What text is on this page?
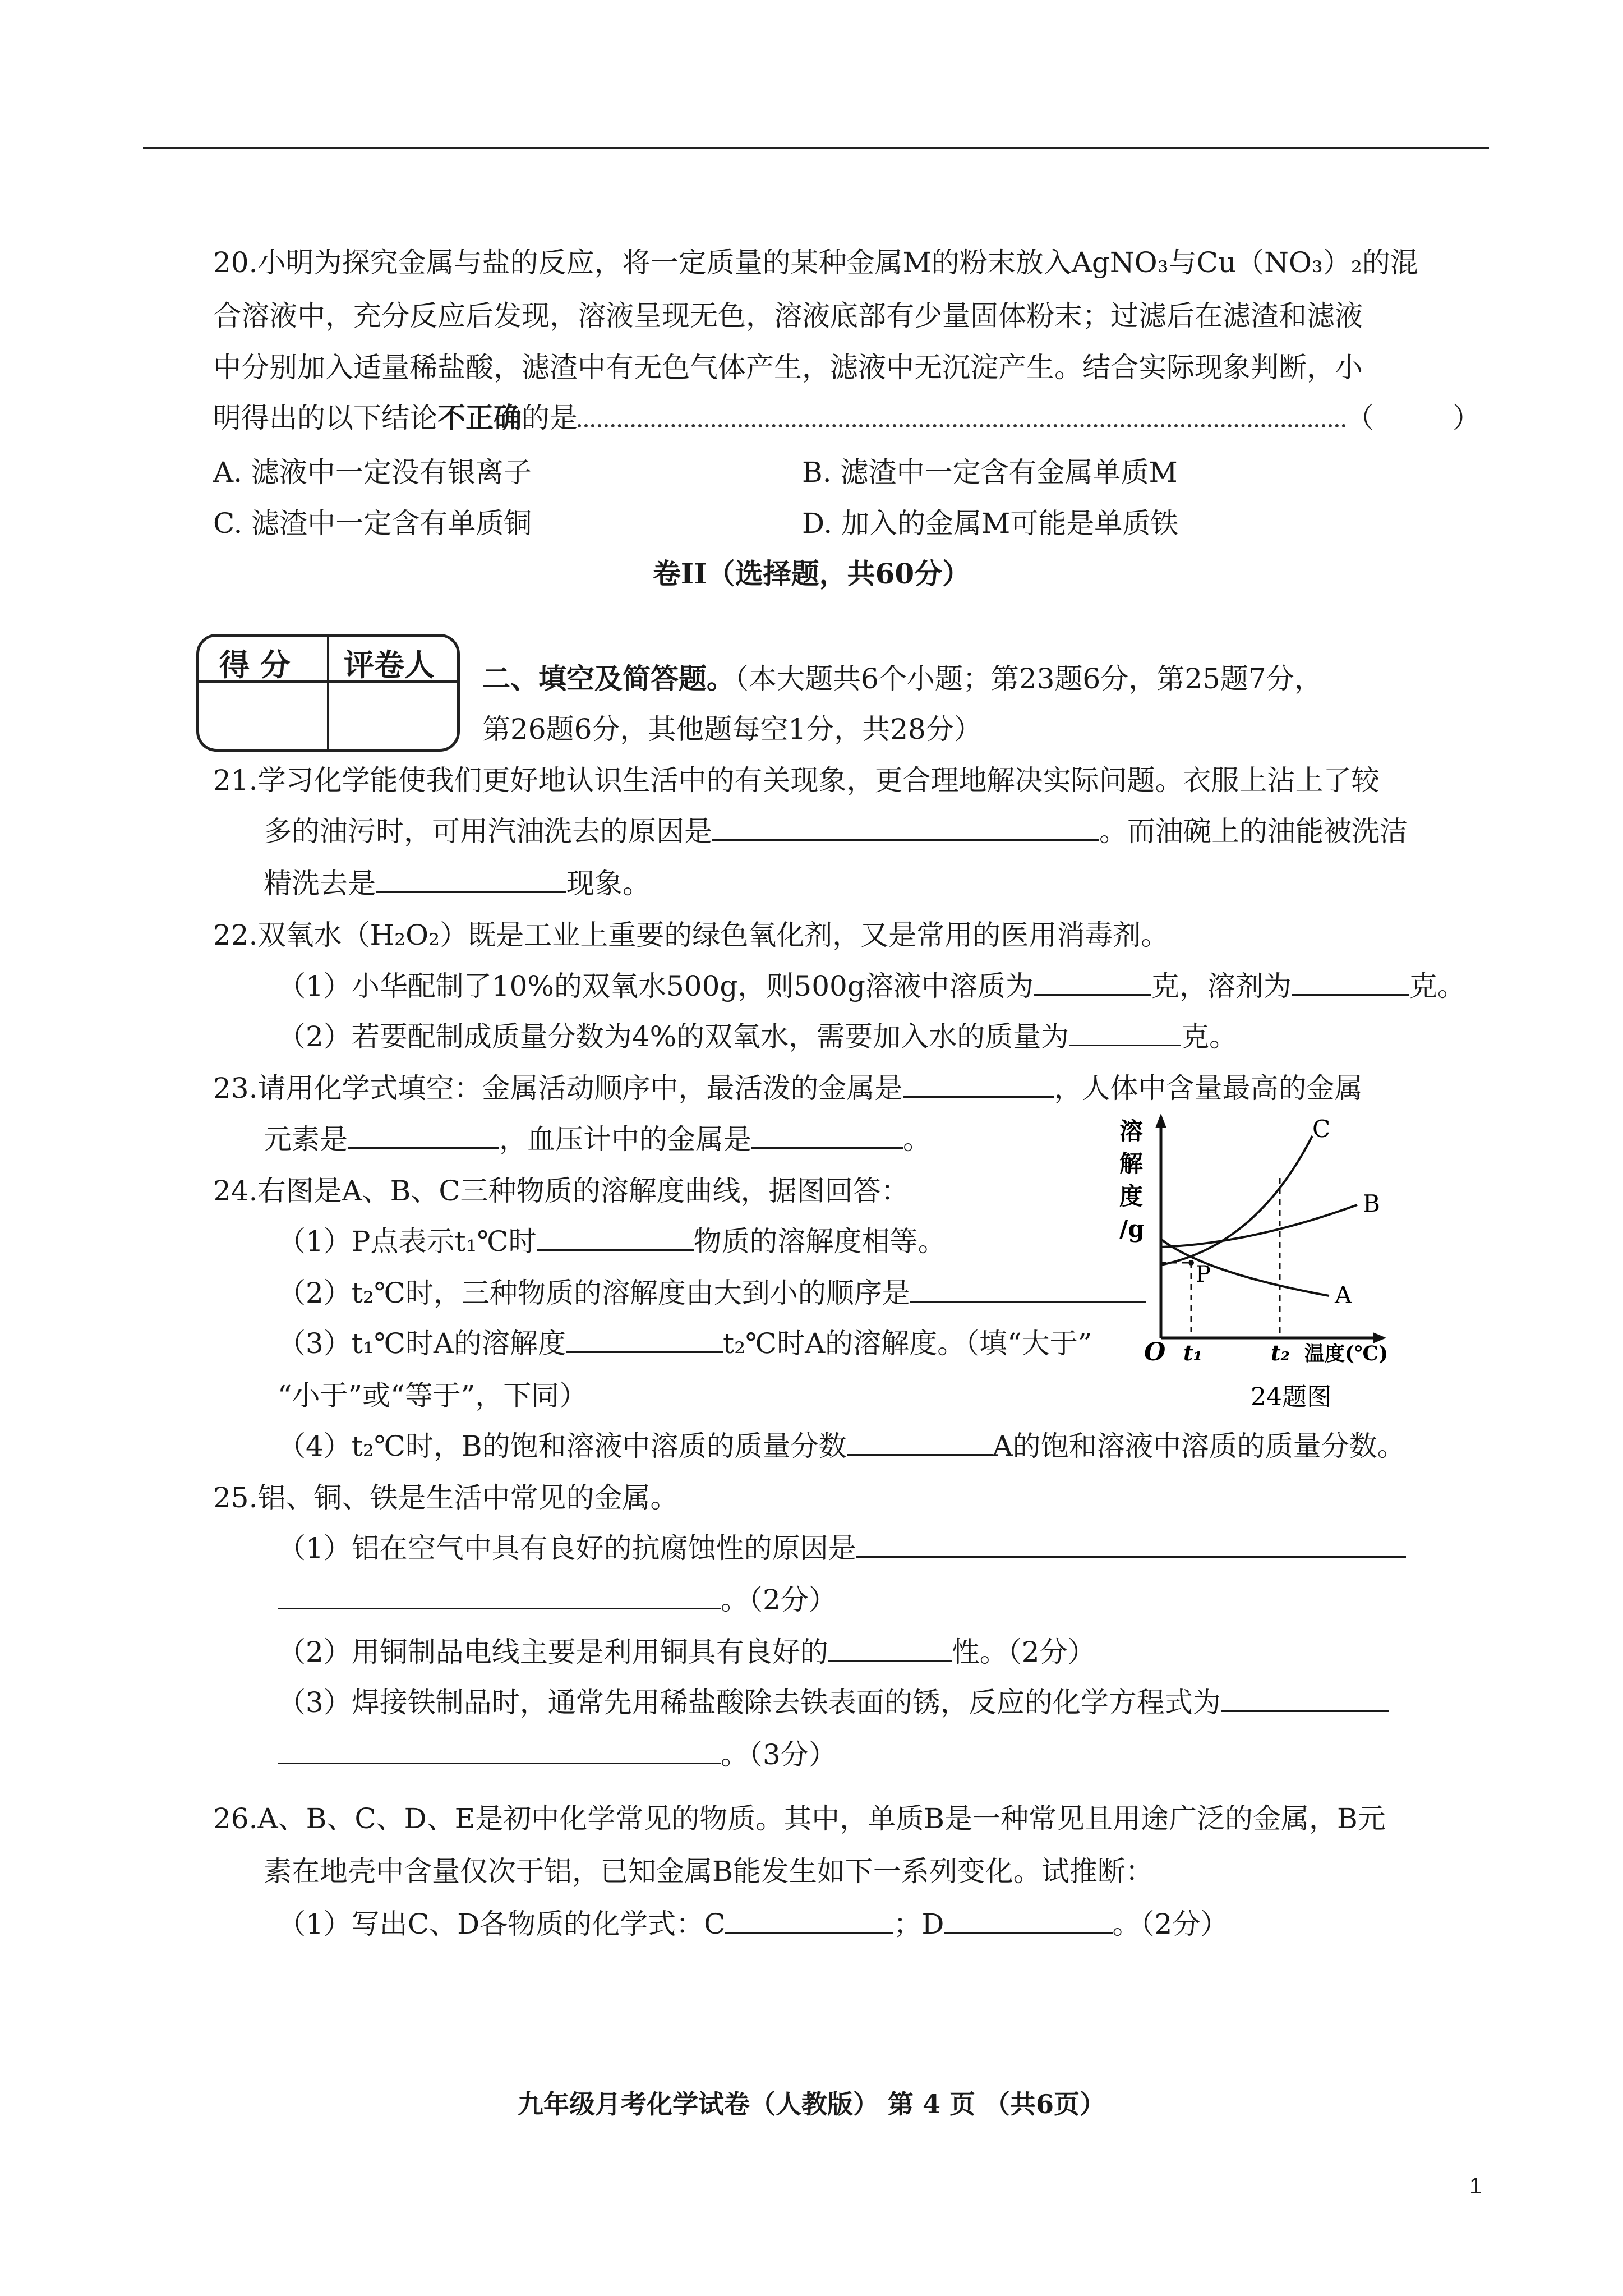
20.小明为探究金属与盐的反应，将一定质量的某种金属M的粉末放入AgNO₃与Cu（NO₃）₂的混
合溶液中，充分反应后发现，溶液呈现无色，溶液底部有少量固体粉末；过滤后在滤渣和滤液
中分别加入适量稀盐酸，滤渣中有无色气体产生，滤液中无沉淀产生。结合实际现象判断，小
明得出的以下结论不正确的是	（	）
A. 滤液中一定没有银离子	B. 滤渣中一定含有金属单质M
C. 滤渣中一定含有单质铜	D. 加入的金属M可能是单质铁
卷II（选择题，共60分）
得 分 评卷人 二、填空及简答题。（本大题共6个小题；第23题6分，第25题7分，
第26题6分，其他题每空1分，共28分）
21.学习化学能使我们更好地认识生活中的有关现象，更合理地解决实际问题。衣服上沾上了较
多的油污时，可用汽油洗去的原因是	。而油碗上的油能被洗洁
精洗去是	现象。
22.双氧水（H₂O₂）既是工业上重要的绿色氧化剂，又是常用的医用消毒剂。
（1）小华配制了10%的双氧水500g，则500g溶液中溶质为	克，溶剂为	克。
（2）若要配制成质量分数为4%的双氧水，需要加入水的质量为	克。
23.请用化学式填空：金属活动顺序中，最活泼的金属是	，人体中含量最高的金属
元素是	，血压计中的金属是	。
24.右图是A、B、C三种物质的溶解度曲线，据图回答：
（1）P点表示t₁℃时	物质的溶解度相等。
（2）t₂℃时，三种物质的溶解度由大到小的顺序是
（3）t₁℃时A的溶解度	t₂℃时A的溶解度。（填“大于”
“小于”或“等于”，下同）
（4）t₂℃时，B的饱和溶液中溶质的质量分数	A的饱和溶液中溶质的质量分数。
溶
解
度
/g
C
B
A
P
O t₁	t₂ 温度(℃)
24题图
25.铝、铜、铁是生活中常见的金属。
（1）铝在空气中具有良好的抗腐蚀性的原因是
。（2分）
（2）用铜制品电线主要是利用铜具有良好的	性。（2分）
（3）焊接铁制品时，通常先用稀盐酸除去铁表面的锈，反应的化学方程式为
。（3分）
26.A、B、C、D、E是初中化学常见的物质。其中，单质B是一种常见且用途广泛的金属，B元
素在地壳中含量仅次于铝，已知金属B能发生如下一系列变化。试推断：
（1）写出C、D各物质的化学式：C	；D	。（2分）
九年级月考化学试卷（人教版） 第 4 页 （共6页）
1
